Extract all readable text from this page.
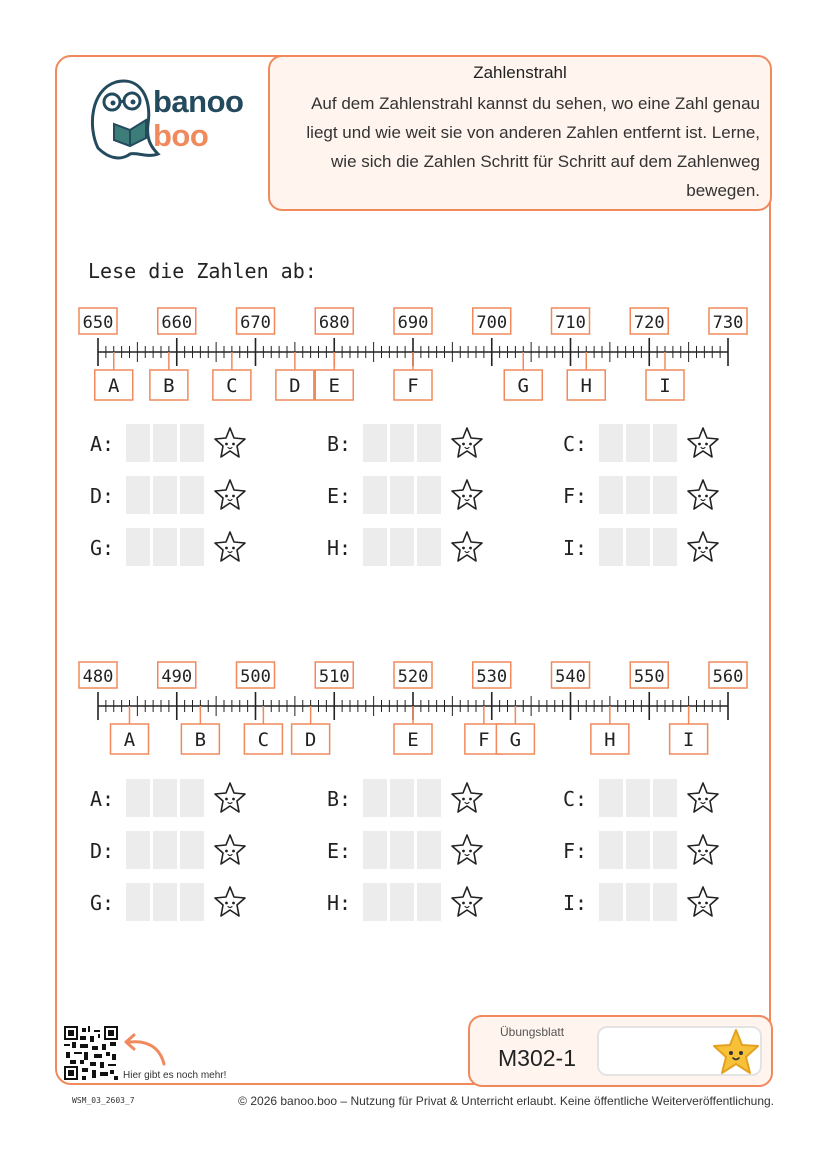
banoo
boo
Zahlenstrahl
Auf dem Zahlenstrahl kannst du sehen, wo eine Zahl genau liegt und wie weit sie von anderen Zahlen entfernt ist. Lerne, wie sich die Zahlen Schritt für Schritt auf dem Zahlenweg bewegen.
Lese die Zahlen ab:
650	660	670	680	690	700	710	720	730
A B	C	D E	F	G	H	I
480	490	500	510	520	530	540	550	560
A	B	C D	E	F G	H	I
A:	B:	C:
D:	E:	F:
G:	H:	I:
A:	B:	C:
D:	E:	F:
G:	H:	I:
Hier gibt es noch mehr!
Übungsblatt
M302-1
WSM_03_2603_7	© 2026 banoo.boo – Nutzung für Privat & Unterricht erlaubt. Keine öffentliche Weiterveröffentlichung.
